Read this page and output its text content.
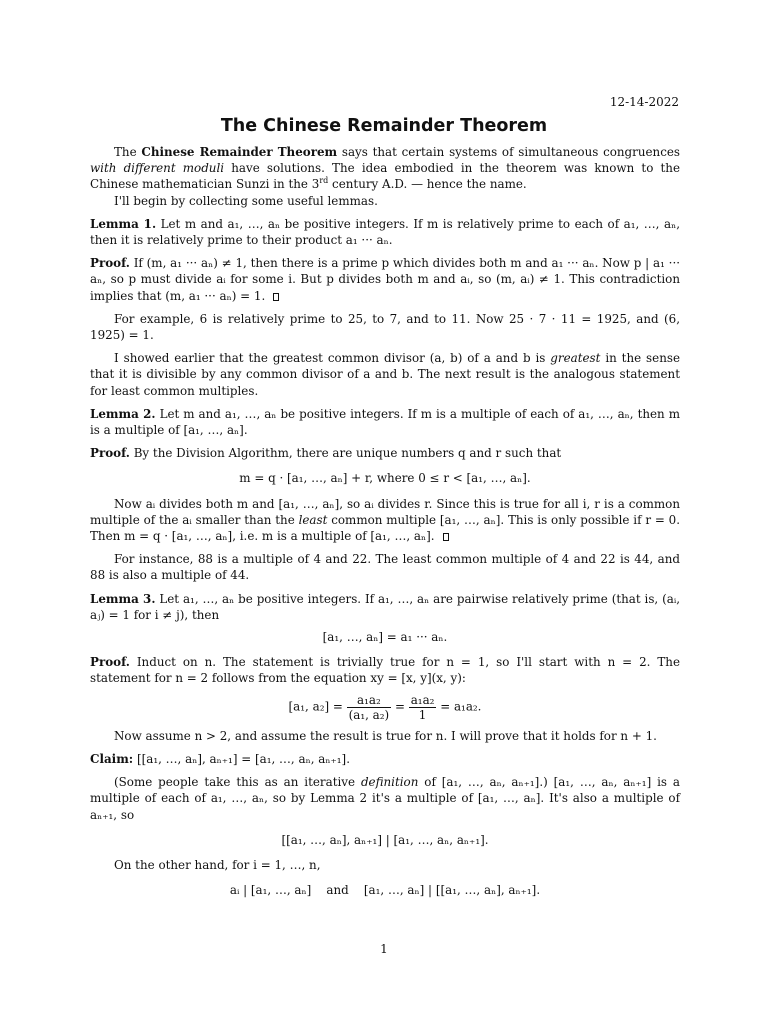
12-14-2022
The Chinese Remainder Theorem

The Chinese Remainder Theorem says that certain systems of simultaneous congruences with different moduli have solutions. The idea embodied in the theorem was known to the Chinese mathematician Sunzi in the 3rd century A.D. — hence the name.

I'll begin by collecting some useful lemmas.

Lemma 1. Let m and a₁, …, aₙ be positive integers. If m is relatively prime to each of a₁, …, aₙ, then it is relatively prime to their product a₁ ··· aₙ.

Proof. If (m, a₁ ··· aₙ) ≠ 1, then there is a prime p which divides both m and a₁ ··· aₙ. Now p | a₁ ··· aₙ, so p must divide aᵢ for some i. But p divides both m and aᵢ, so (m, aᵢ) ≠ 1. This contradiction implies that (m, a₁ ··· aₙ) = 1.

For example, 6 is relatively prime to 25, to 7, and to 11. Now 25 · 7 · 11 = 1925, and (6, 1925) = 1.

I showed earlier that the greatest common divisor (a, b) of a and b is greatest in the sense that it is divisible by any common divisor of a and b. The next result is the analogous statement for least common multiples.

Lemma 2. Let m and a₁, …, aₙ be positive integers. If m is a multiple of each of a₁, …, aₙ, then m is a multiple of [a₁, …, aₙ].

Proof. By the Division Algorithm, there are unique numbers q and r such that

m = q · [a₁, …, aₙ] + r, where 0 ≤ r < [a₁, …, aₙ].

Now aᵢ divides both m and [a₁, …, aₙ], so aᵢ divides r. Since this is true for all i, r is a common multiple of the aᵢ smaller than the least common multiple [a₁, …, aₙ]. This is only possible if r = 0. Then m = q · [a₁, …, aₙ], i.e. m is a multiple of [a₁, …, aₙ].

For instance, 88 is a multiple of 4 and 22. The least common multiple of 4 and 22 is 44, and 88 is also a multiple of 44.

Lemma 3. Let a₁, …, aₙ be positive integers. If a₁, …, aₙ are pairwise relatively prime (that is, (aᵢ, aⱼ) = 1 for i ≠ j), then

[a₁, …, aₙ] = a₁ ··· aₙ.

Proof. Induct on n. The statement is trivially true for n = 1, so I'll start with n = 2. The statement for n = 2 follows from the equation xy = [x, y](x, y):

[a₁, $a_2] = \frac{\text{a₁a₂}}{\text{(a₁, a₂)}} = \frac{\text{a₁a₂}}{1} = a_1a_2$.

Now assume n > 2, and assume the result is true for n. I will prove that it holds for n + 1.

Claim: [[a₁, …, aₙ], aₙ₊₁] = [a₁, …, aₙ, aₙ₊₁].

(Some people take this as an iterative definition of [a₁, …, aₙ, aₙ₊₁].) [a₁, …, aₙ, aₙ₊₁] is a multiple of each of a₁, …, aₙ, so by Lemma 2 it's a multiple of [a₁, …, aₙ]. It's also a multiple of aₙ₊₁, so

[[a₁, …, aₙ], aₙ₊₁] | [a₁, …, aₙ, aₙ₊₁].

On the other hand, for i = 1, …, n,

aᵢ | [a₁, …, aₙ]    and    [a₁, …, aₙ] | [[a₁, …, aₙ], aₙ₊₁].

1
